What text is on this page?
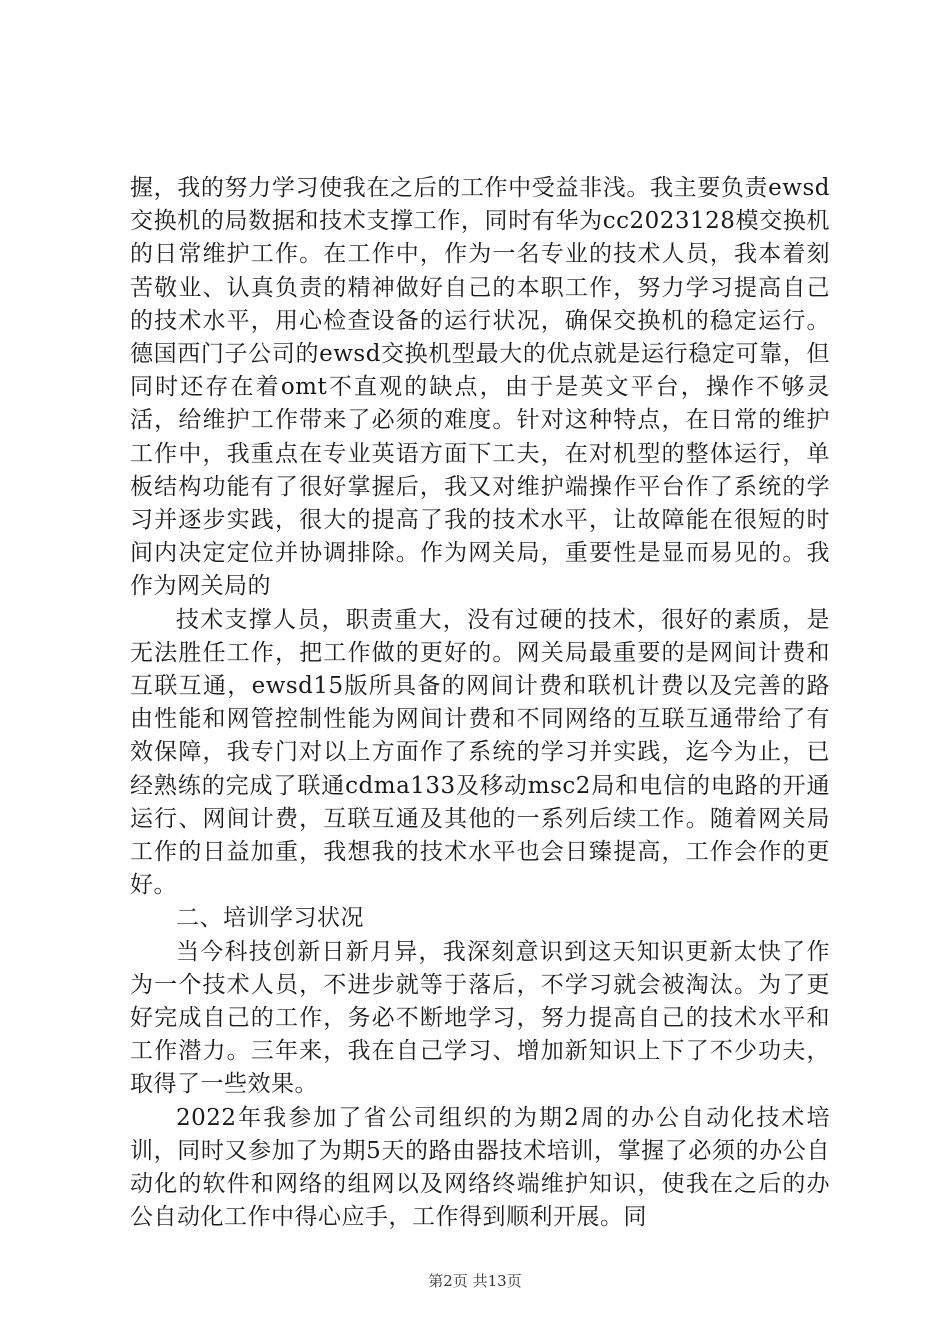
握，我的努力学习使我在之后的工作中受益非浅。我主要负责ewsd交换机的局数据和技术支撑工作，同时有华为cc2023128模交换机的日常维护工作。在工作中，作为一名专业的技术人员，我本着刻苦敬业、认真负责的精神做好自己的本职工作，努力学习提高自己的技术水平，用心检查设备的运行状况，确保交换机的稳定运行。德国西门子公司的ewsd交换机型最大的优点就是运行稳定可靠，但同时还存在着omt不直观的缺点，由于是英文平台，操作不够灵活，给维护工作带来了必须的难度。针对这种特点，在日常的维护工作中，我重点在专业英语方面下工夫，在对机型的整体运行，单板结构功能有了很好掌握后，我又对维护端操作平台作了系统的学习并逐步实践，很大的提高了我的技术水平，让故障能在很短的时间内决定定位并协调排除。作为网关局，重要性是显而易见的。我作为网关局的

技术支撑人员，职责重大，没有过硬的技术，很好的素质，是无法胜任工作，把工作做的更好的。网关局最重要的是网间计费和互联互通，ewsd15版所具备的网间计费和联机计费以及完善的路由性能和网管控制性能为网间计费和不同网络的互联互通带给了有效保障，我专门对以上方面作了系统的学习并实践，迄今为止，已经熟练的完成了联通cdma133及移动msc2局和电信的电路的开通运行、网间计费，互联互通及其他的一系列后续工作。随着网关局工作的日益加重，我想我的技术水平也会日臻提高，工作会作的更好。

二、培训学习状况

当今科技创新日新月异，我深刻意识到这天知识更新太快了作为一个技术人员，不进步就等于落后，不学习就会被淘汰。为了更好完成自己的工作，务必不断地学习，努力提高自己的技术水平和工作潜力。三年来，我在自己学习、增加新知识上下了不少功夫，取得了一些效果。

2022年我参加了省公司组织的为期2周的办公自动化技术培训，同时又参加了为期5天的路由器技术培训，掌握了必须的办公自动化的软件和网络的组网以及网络终端维护知识，使我在之后的办公自动化工作中得心应手，工作得到顺利开展。同

第2页 共13页
